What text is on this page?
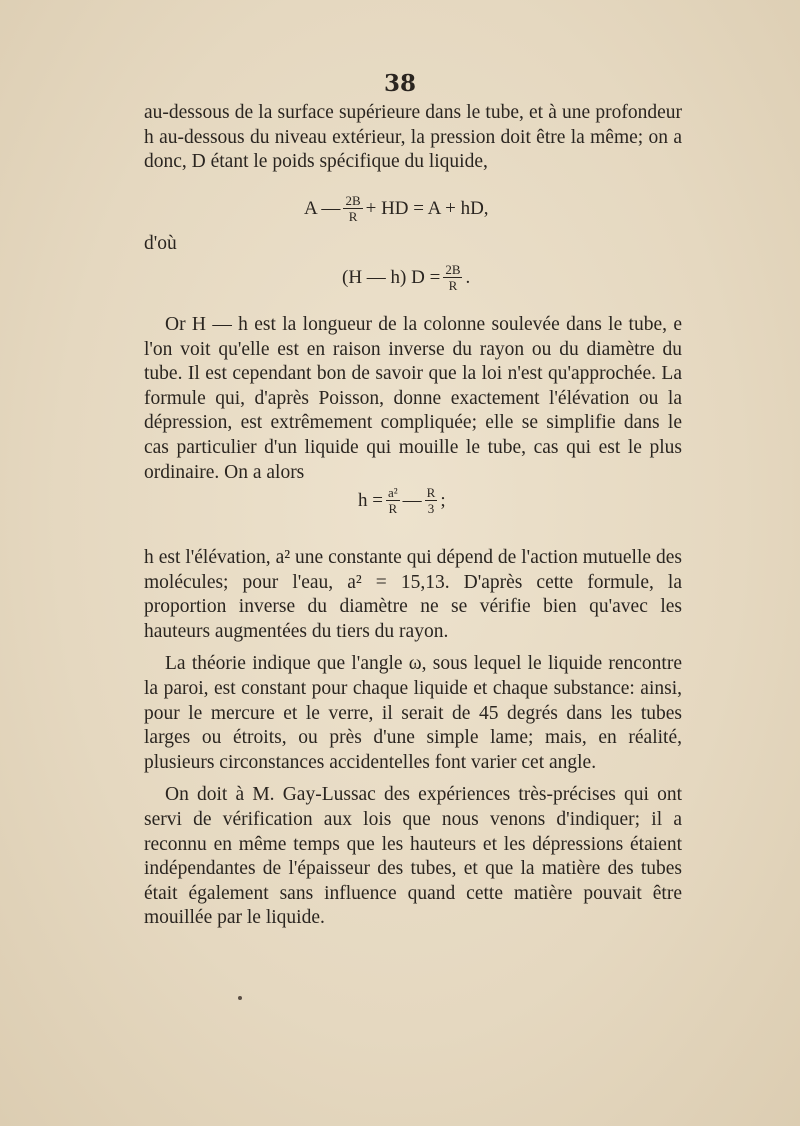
38

au-dessous de la surface supérieure dans le tube, et à une profondeur h au-dessous du niveau extérieur, la pression doit être la même; on a donc, D étant le poids spécifique du liquide,

A — $\frac{2B}{R}$ + HD = A + hD,
d'où
(H — h) $D = \frac{2B}{R}$ .

Or H — h est la longueur de la colonne soulevée dans le tube, e l'on voit qu'elle est en raison inverse du rayon ou du diamètre du tube. Il est cependant bon de savoir que la loi n'est qu'approchée. La formule qui, d'après Poisson, donne exactement l'élévation ou la dépression, est extrêmement compliquée; elle se simplifie dans le cas particulier d'un liquide qui mouille le tube, cas qui est le plus ordinaire. On a alors

$h = \frac{\text{a²}}{R}$ — $\frac{R}{3}$ ;

h est l'élévation, a² une constante qui dépend de l'action mutuelle des molécules; pour l'eau, a² = 15,13. D'après cette formule, la proportion inverse du diamètre ne se vérifie bien qu'avec les hauteurs augmentées du tiers du rayon.

La théorie indique que l'angle ω, sous lequel le liquide rencontre la paroi, est constant pour chaque liquide et chaque substance: ainsi, pour le mercure et le verre, il serait de 45 degrés dans les tubes larges ou étroits, ou près d'une simple lame; mais, en réalité, plusieurs circonstances accidentelles font varier cet angle.

On doit à M. Gay-Lussac des expériences très-précises qui ont servi de vérification aux lois que nous venons d'indiquer; il a reconnu en même temps que les hauteurs et les dépressions étaient indépendantes de l'épaisseur des tubes, et que la matière des tubes était également sans influence quand cette matière pouvait être mouillée par le liquide.
